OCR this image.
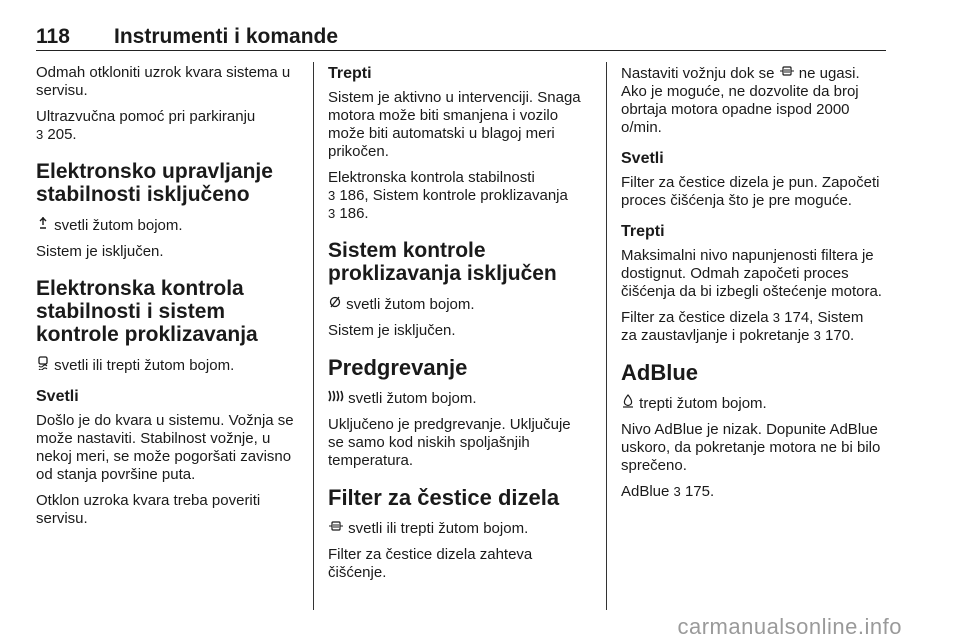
118 Instrumenti i komande

Odmah otkloniti uzrok kvara sistema u servisu.

Ultrazvučna pomoć pri parkiranju
3 205.

Elektronsko upravljanje stabilnosti isključeno

svetli žutom bojom.

Sistem je isključen.

Elektronska kontrola stabilnosti i sistem kontrole proklizavanja

svetli ili trepti žutom bojom.

Svetli

Došlo je do kvara u sistemu. Vožnja se može nastaviti. Stabilnost vožnje, u nekoj meri, se može pogoršati zavisno od stanja površine puta.

Otklon uzroka kvara treba poveriti servisu.

Trepti

Sistem je aktivno u intervenciji. Snaga motora može biti smanjena i vozilo može biti automatski u blagoj meri prikočen.

Elektronska kontrola stabilnosti
3 186, Sistem kontrole proklizavanja
3 186.

Sistem kontrole proklizavanja isključen

svetli žutom bojom.

Sistem je isključen.

Predgrevanje

svetli žutom bojom.

Uključeno je predgrevanje. Uključuje se samo kod niskih spoljašnjih temperatura.

Filter za čestice dizela

svetli ili trepti žutom bojom.

Filter za čestice dizela zahteva čišćenje.

Nastaviti vožnju dok se ne ugasi. Ako je moguće, ne dozvolite da broj obrtaja motora opadne ispod 2000 o/min.

Svetli

Filter za čestice dizela je pun. Započeti proces čišćenja što je pre moguće.

Trepti

Maksimalni nivo napunjenosti filtera je dostignut. Odmah započeti proces čišćenja da bi izbegli oštećenje motora.

Filter za čestice dizela 3 174, Sistem za zaustavljanje i pokretanje 3 170.

AdBlue

trepti žutom bojom.

Nivo AdBlue je nizak. Dopunite AdBlue uskoro, da pokretanje motora ne bi bilo sprečeno.

AdBlue 3 175.

carmanualsonline.info
